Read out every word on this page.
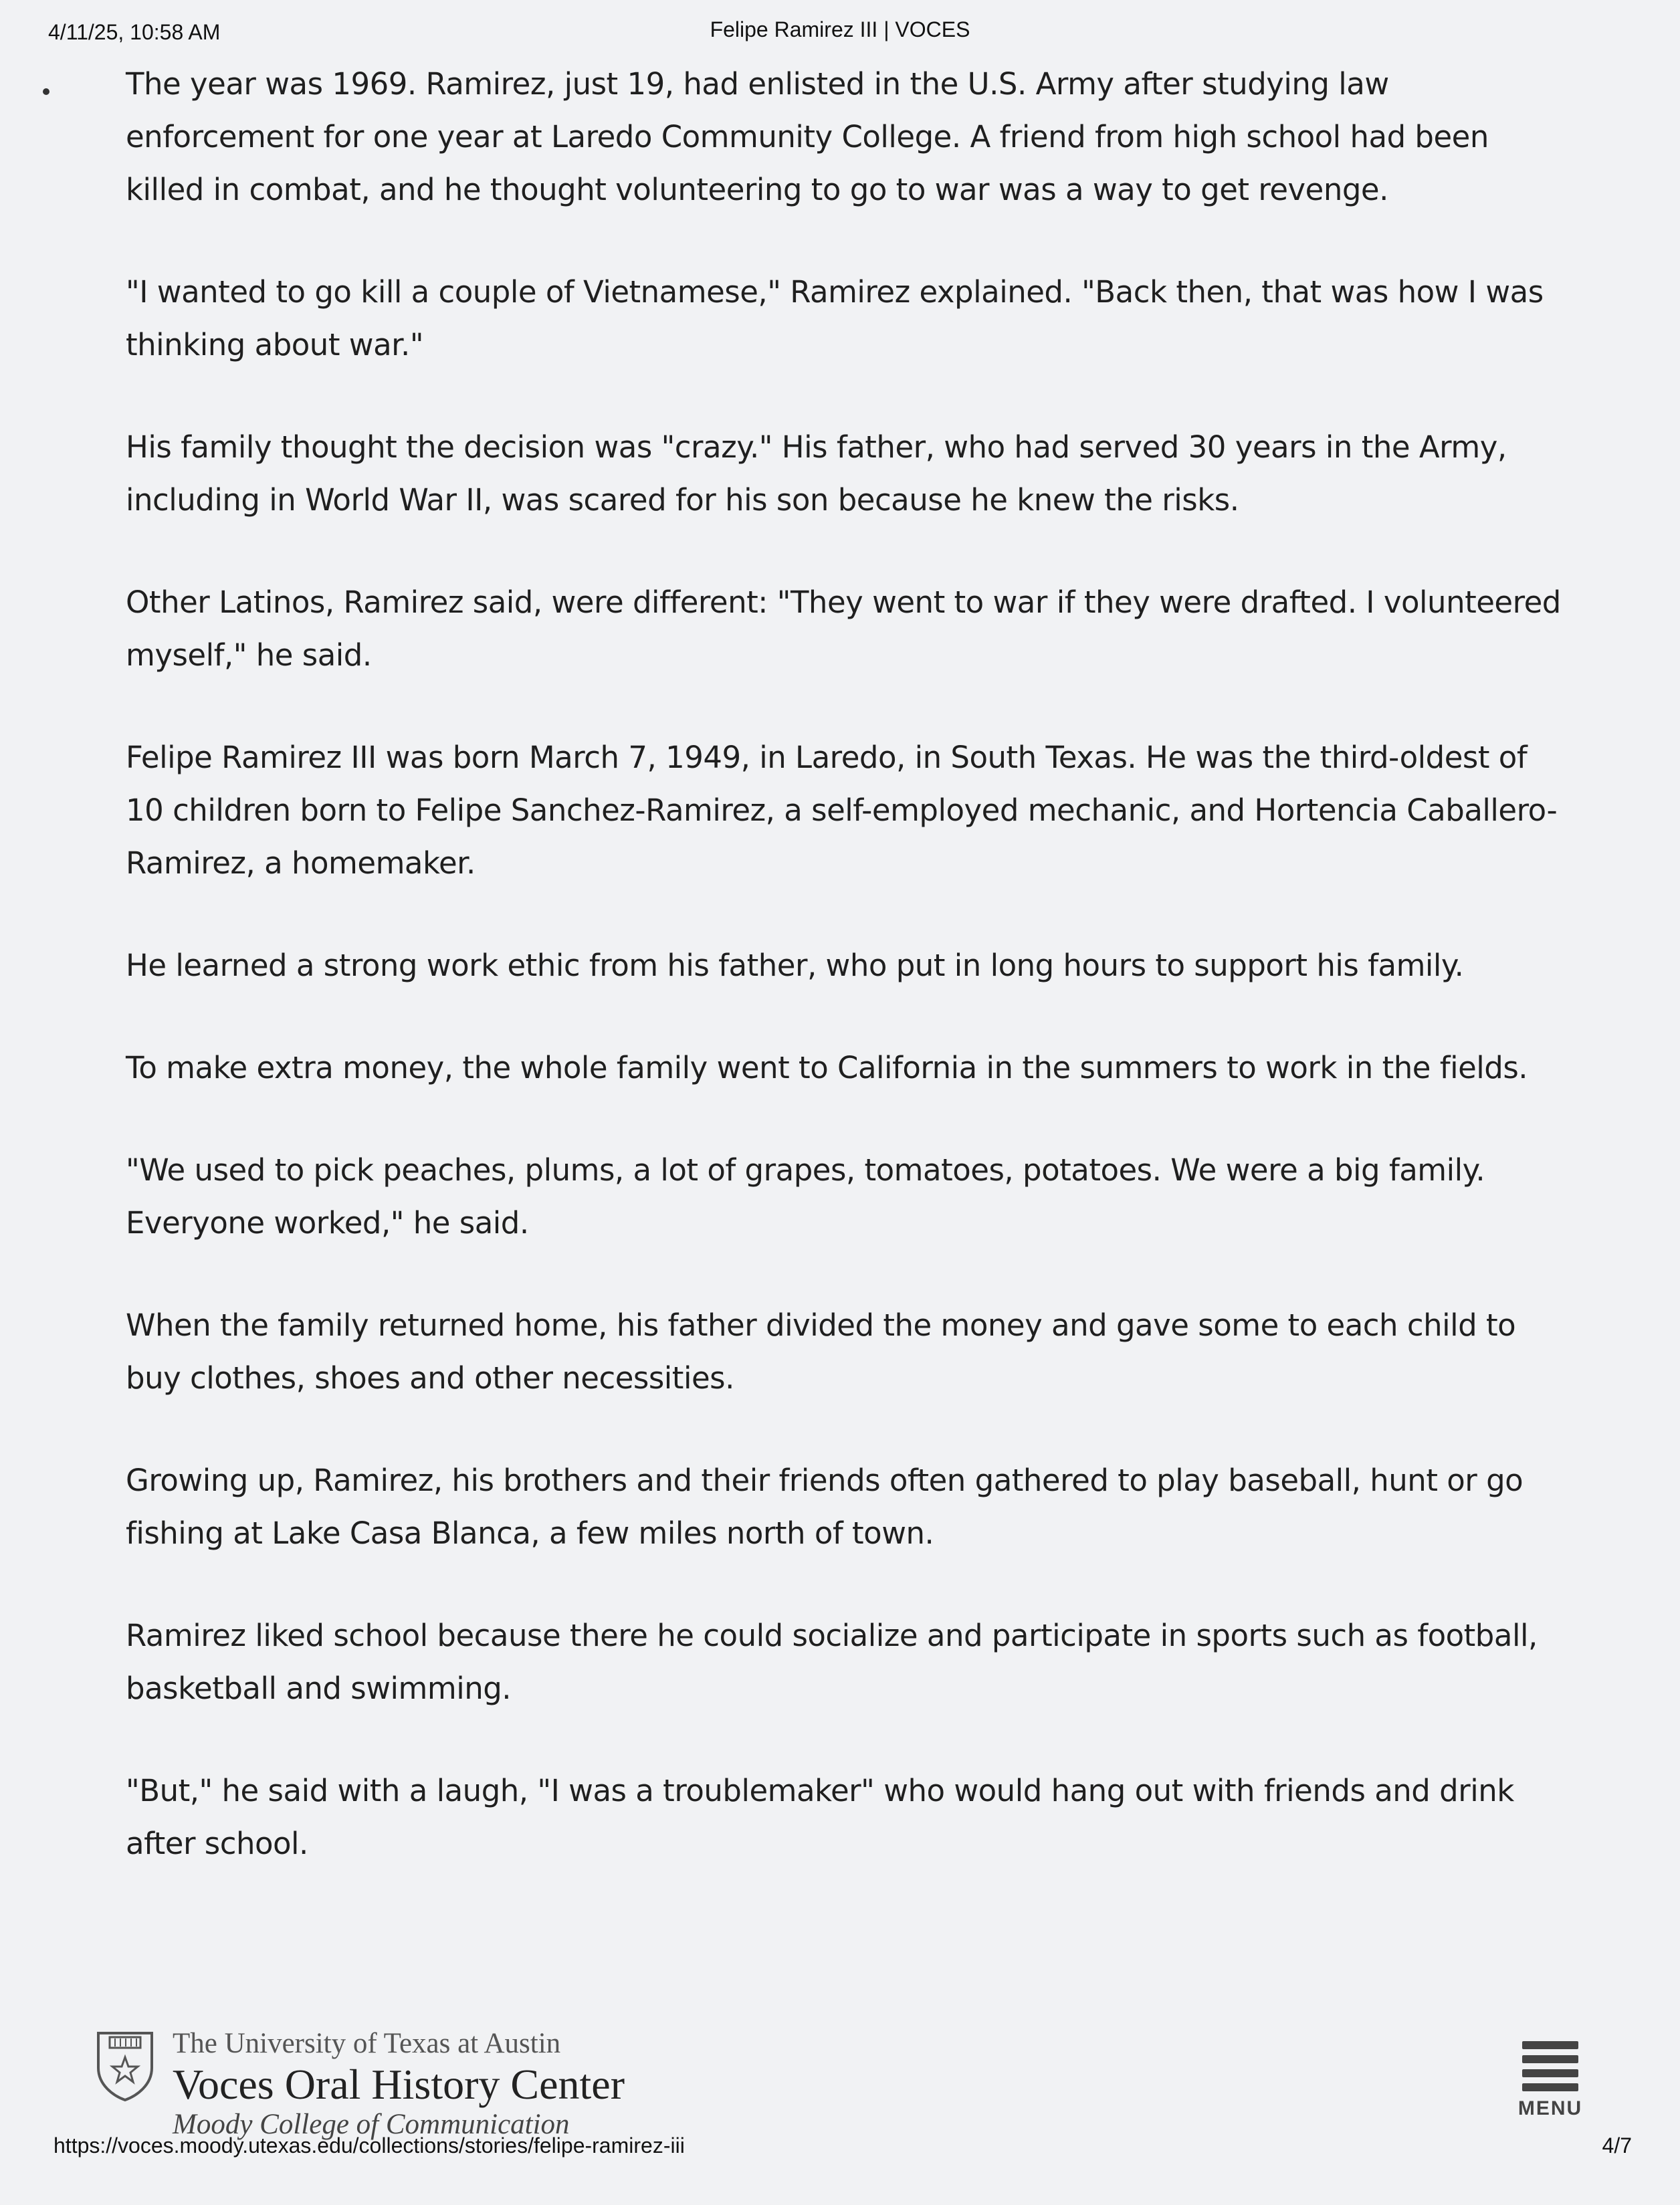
4/11/25, 10:58 AM	Felipe Ramirez III | VOCES

The year was 1969. Ramirez, just 19, had enlisted in the U.S. Army after studying law enforcement for one year at Laredo Community College. A friend from high school had been killed in combat, and he thought volunteering to go to war was a way to get revenge.

"I wanted to go kill a couple of Vietnamese," Ramirez explained. "Back then, that was how I was thinking about war."

His family thought the decision was "crazy." His father, who had served 30 years in the Army, including in World War II, was scared for his son because he knew the risks.

Other Latinos, Ramirez said, were different: "They went to war if they were drafted. I volunteered myself," he said.

Felipe Ramirez III was born March 7, 1949, in Laredo, in South Texas. He was the third-oldest of 10 children born to Felipe Sanchez-Ramirez, a self-employed mechanic, and Hortencia Caballero-Ramirez, a homemaker.

He learned a strong work ethic from his father, who put in long hours to support his family.

To make extra money, the whole family went to California in the summers to work in the fields.

"We used to pick peaches, plums, a lot of grapes, tomatoes, potatoes. We were a big family. Everyone worked," he said.

When the family returned home, his father divided the money and gave some to each child to buy clothes, shoes and other necessities.

Growing up, Ramirez, his brothers and their friends often gathered to play baseball, hunt or go fishing at Lake Casa Blanca, a few miles north of town.

Ramirez liked school because there he could socialize and participate in sports such as football, basketball and swimming.

"But," he said with a laugh, "I was a troublemaker" who would hang out with friends and drink after school.

The University of Texas at Austin
Voces Oral History Center
Moody College of Communication
MENU
https://voces.moody.utexas.edu/collections/stories/felipe-ramirez-iii	4/7
